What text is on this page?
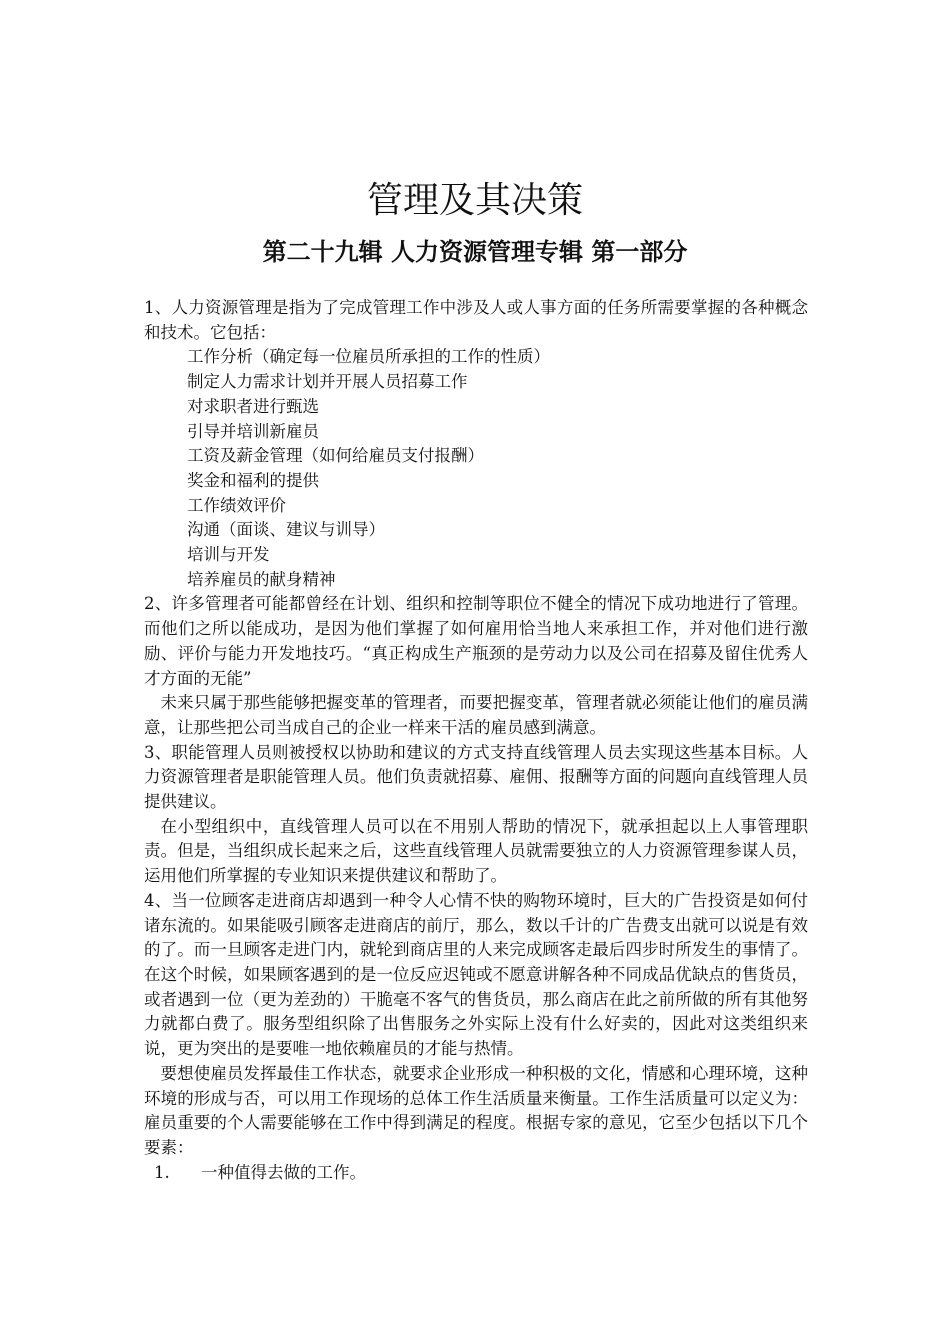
管理及其决策
第二十九辑 人力资源管理专辑 第一部分

1、人力资源管理是指为了完成管理工作中涉及人或人事方面的任务所需要掌握的各种概念和技术。它包括：

工作分析（确定每一位雇员所承担的工作的性质）
制定人力需求计划并开展人员招募工作
对求职者进行甄选
引导并培训新雇员
工资及薪金管理（如何给雇员支付报酬）
奖金和福利的提供
工作绩效评价
沟通（面谈、建议与训导）
培训与开发
培养雇员的献身精神

2、许多管理者可能都曾经在计划、组织和控制等职位不健全的情况下成功地进行了管理。而他们之所以能成功，是因为他们掌握了如何雇用恰当地人来承担工作，并对他们进行激励、评价与能力开发地技巧。“真正构成生产瓶颈的是劳动力以及公司在招募及留住优秀人才方面的无能”

未来只属于那些能够把握变革的管理者，而要把握变革，管理者就必须能让他们的雇员满意，让那些把公司当成自己的企业一样来干活的雇员感到满意。

3、职能管理人员则被授权以协助和建议的方式支持直线管理人员去实现这些基本目标。人力资源管理者是职能管理人员。他们负责就招募、雇佣、报酬等方面的问题向直线管理人员提供建议。

在小型组织中，直线管理人员可以在不用别人帮助的情况下，就承担起以上人事管理职责。但是，当组织成长起来之后，这些直线管理人员就需要独立的人力资源管理参谋人员，运用他们所掌握的专业知识来提供建议和帮助了。

4、当一位顾客走进商店却遇到一种令人心情不快的购物环境时，巨大的广告投资是如何付诸东流的。如果能吸引顾客走进商店的前厅，那么，数以千计的广告费支出就可以说是有效的了。而一旦顾客走进门内，就轮到商店里的人来完成顾客走最后四步时所发生的事情了。在这个时候，如果顾客遇到的是一位反应迟钝或不愿意讲解各种不同成品优缺点的售货员，或者遇到一位（更为差劲的）干脆毫不客气的售货员，那么商店在此之前所做的所有其他努力就都白费了。服务型组织除了出售服务之外实际上没有什么好卖的，因此对这类组织来说，更为突出的是要唯一地依赖雇员的才能与热情。

要想使雇员发挥最佳工作状态，就要求企业形成一种积极的文化，情感和心理环境，这种环境的形成与否，可以用工作现场的总体工作生活质量来衡量。工作生活质量可以定义为：雇员重要的个人需要能够在工作中得到满足的程度。根据专家的意见，它至少包括以下几个要素：

1.	一种值得去做的工作。
